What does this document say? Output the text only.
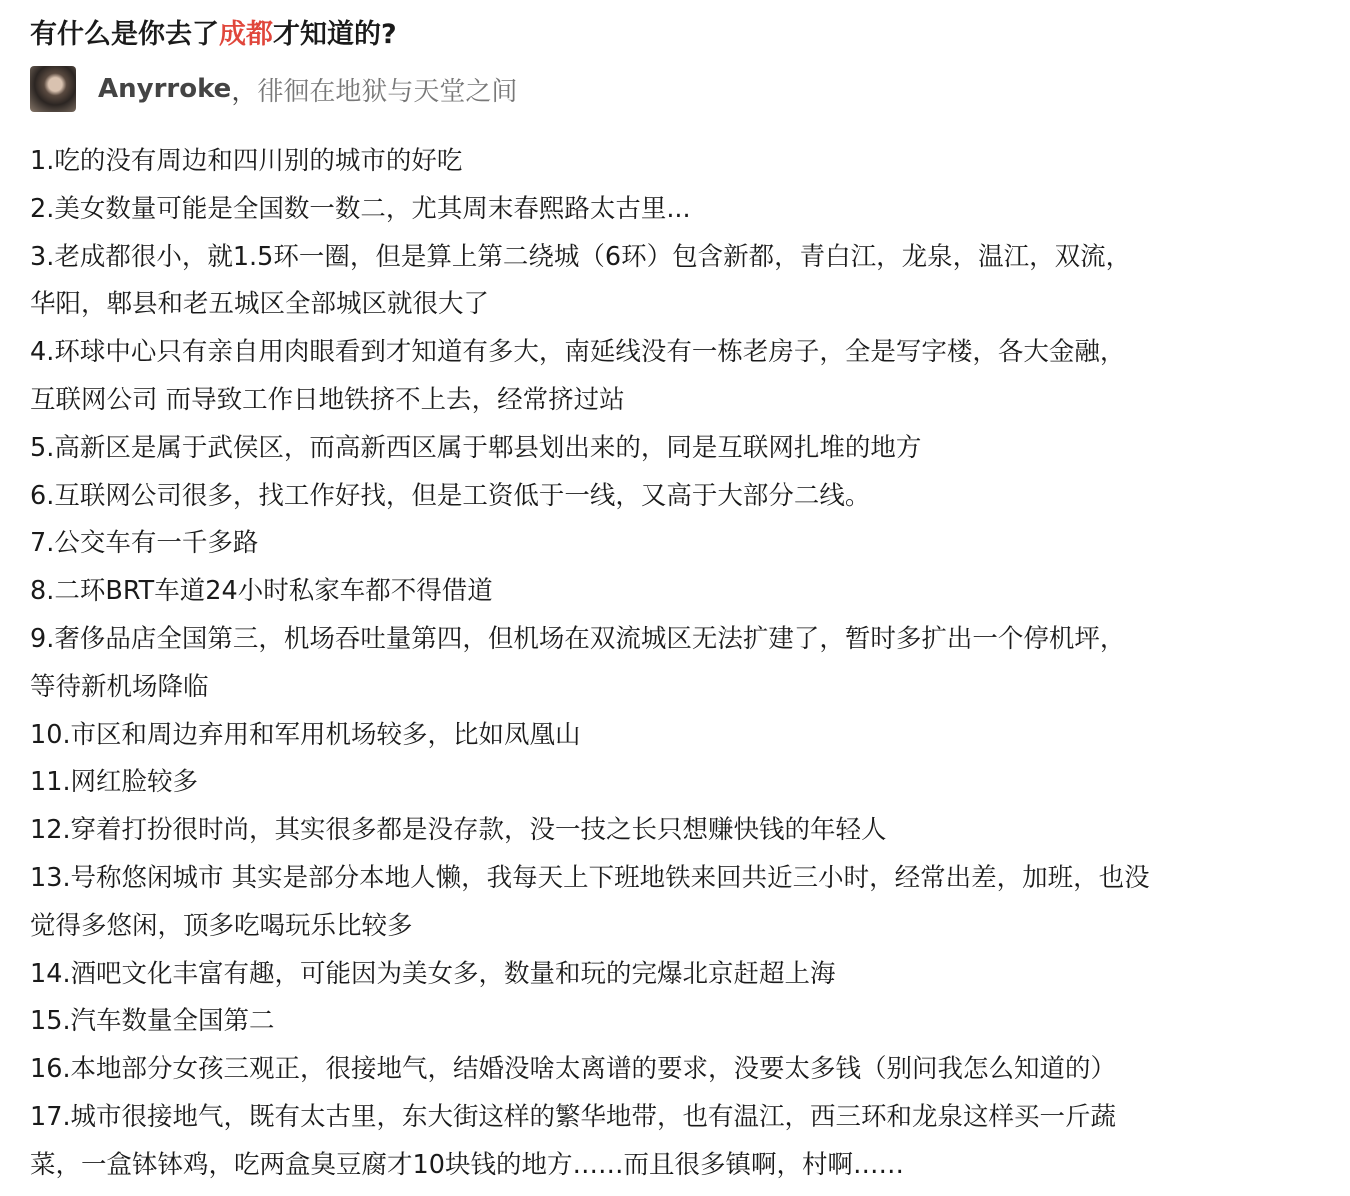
有什么是你去了成都才知道的?
Anyrroke ， 徘徊在地狱与天堂之间
1.吃的没有周边和四川别的城市的好吃
2.美女数量可能是全国数一数二，尤其周末春熙路太古里...
3.老成都很小，就1.5环一圈，但是算上第二绕城（6环）包含新都，青白江，龙泉，温江，双流，
华阳，郫县和老五城区全部城区就很大了
4.环球中心只有亲自用肉眼看到才知道有多大，南延线没有一栋老房子，全是写字楼，各大金融，
互联网公司 而导致工作日地铁挤不上去，经常挤过站
5.高新区是属于武侯区，而高新西区属于郫县划出来的，同是互联网扎堆的地方
6.互联网公司很多，找工作好找，但是工资低于一线，又高于大部分二线。
7.公交车有一千多路
8.二环BRT车道24小时私家车都不得借道
9.奢侈品店全国第三，机场吞吐量第四，但机场在双流城区无法扩建了，暂时多扩出一个停机坪，
等待新机场降临
10.市区和周边弃用和军用机场较多，比如凤凰山
11.网红脸较多
12.穿着打扮很时尚，其实很多都是没存款，没一技之长只想赚快钱的年轻人
13.号称悠闲城市 其实是部分本地人懒，我每天上下班地铁来回共近三小时，经常出差，加班，也没
觉得多悠闲，顶多吃喝玩乐比较多
14.酒吧文化丰富有趣，可能因为美女多，数量和玩的完爆北京赶超上海
15.汽车数量全国第二
16.本地部分女孩三观正，很接地气，结婚没啥太离谱的要求，没要太多钱（别问我怎么知道的）
17.城市很接地气，既有太古里，东大街这样的繁华地带，也有温江，西三环和龙泉这样买一斤蔬
菜，一盒钵钵鸡，吃两盒臭豆腐才10块钱的地方……而且很多镇啊，村啊……
